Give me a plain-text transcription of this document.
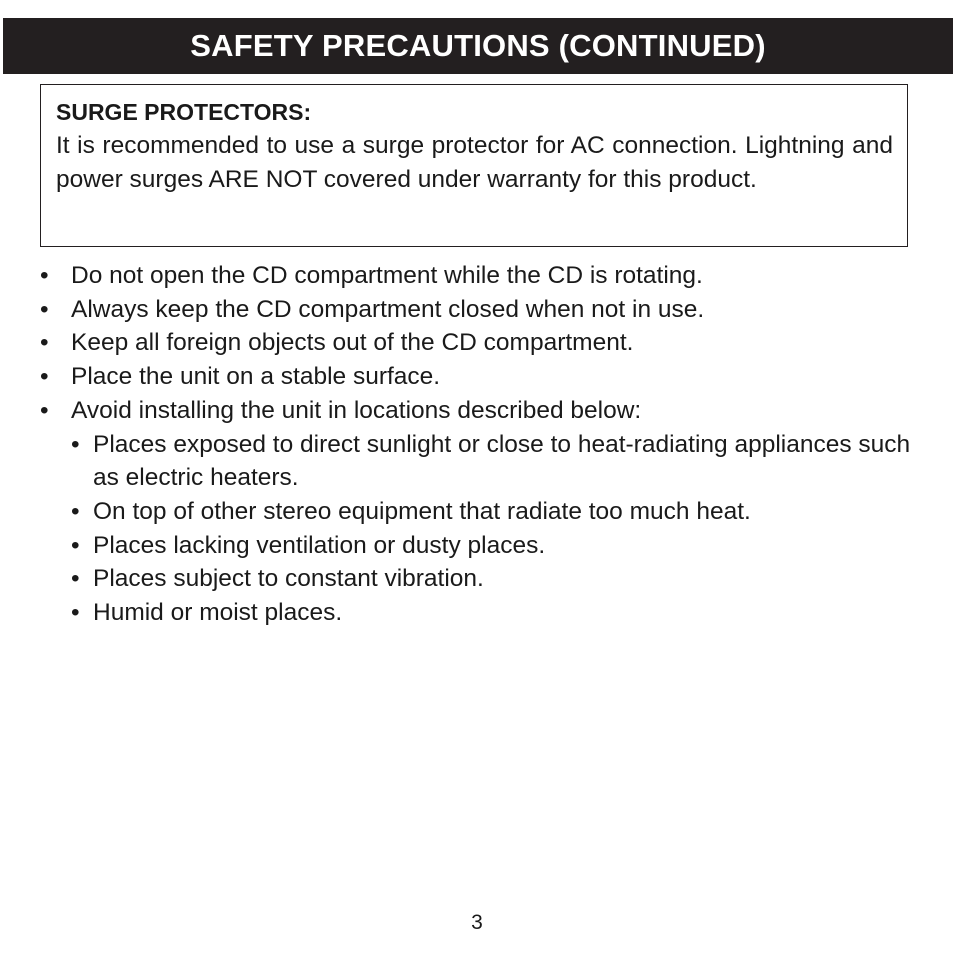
SAFETY PRECAUTIONS (CONTINUED)

SURGE PROTECTORS:

It is recommended to use a surge protector for AC connection. Lightning and power surges ARE NOT covered under warranty for this product.

• Do not open the CD compartment while the CD is rotating.
• Always keep the CD compartment closed when not in use.
• Keep all foreign objects out of the CD compartment.
• Place the unit on a stable surface.
• Avoid installing the unit in locations described below:
• Places exposed to direct sunlight or close to heat-radiating appliances such as electric heaters.
• On top of other stereo equipment that radiate too much heat.
• Places lacking ventilation or dusty places.
• Places subject to constant vibration.
• Humid or moist places.
3
